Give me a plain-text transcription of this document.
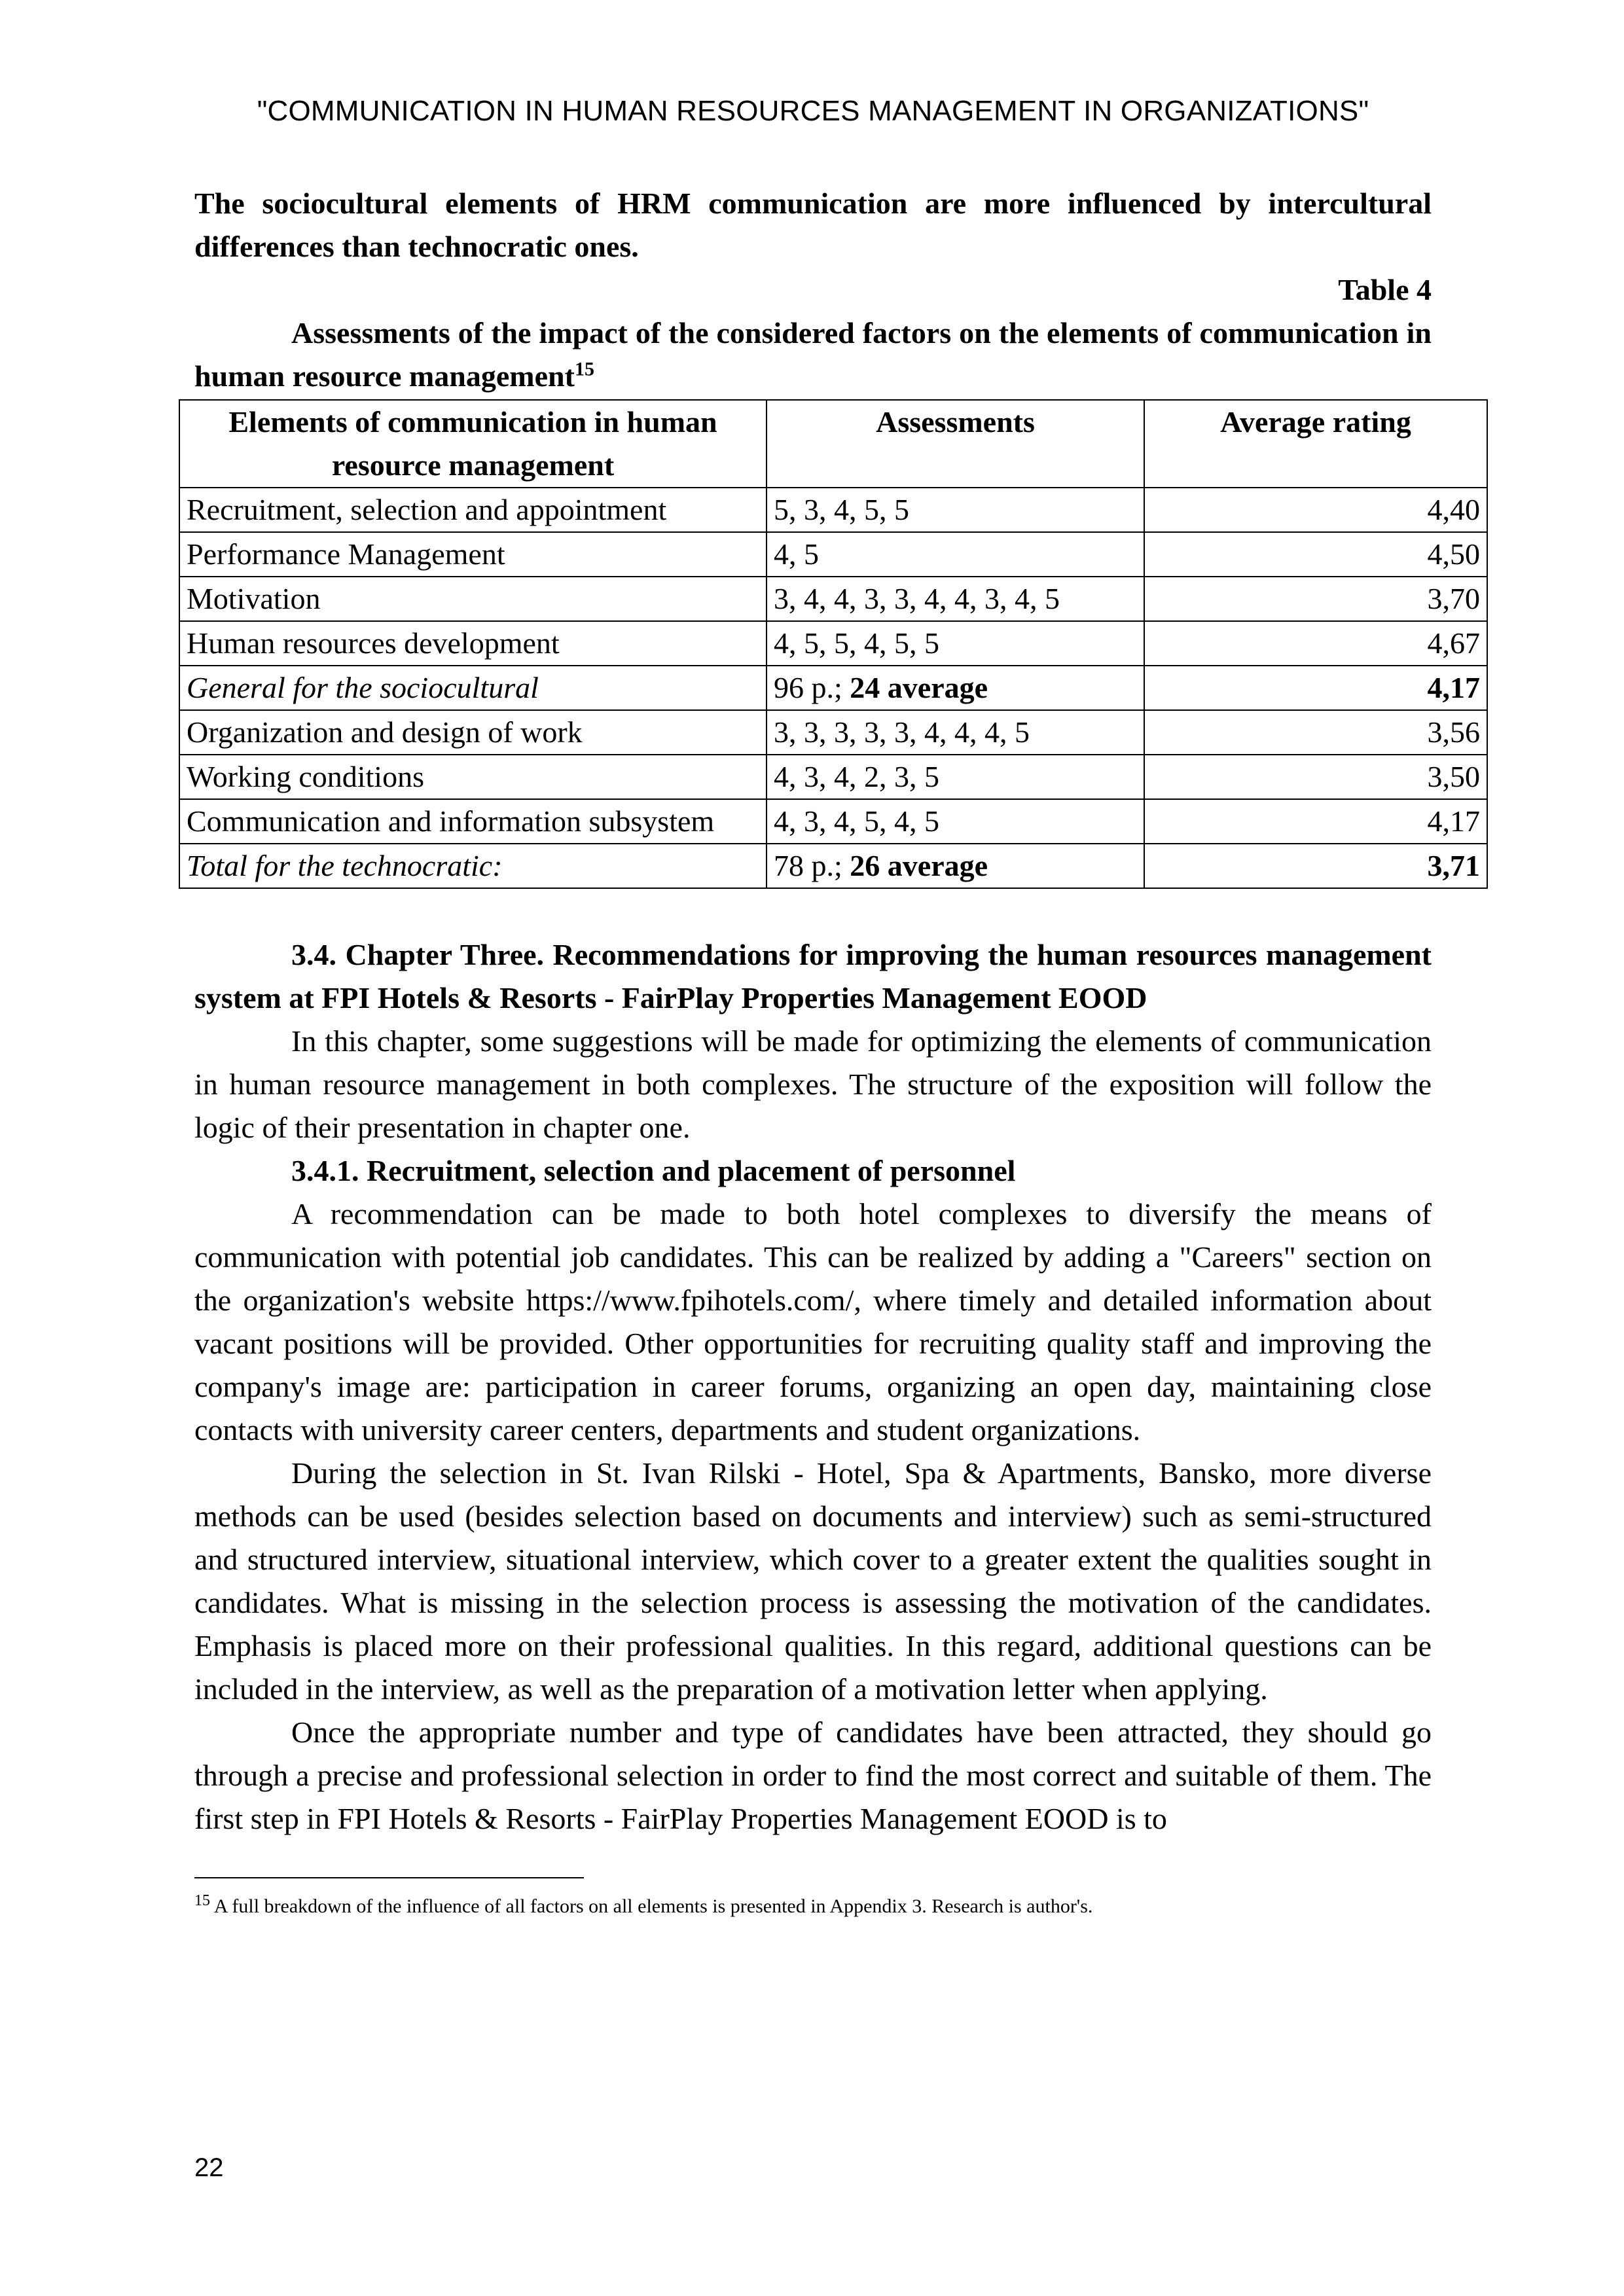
"COMMUNICATION IN HUMAN RESOURCES MANAGEMENT IN ORGANIZATIONS"

The sociocultural elements of HRM communication are more influenced by intercultural differences than technocratic ones.

Table 4

Assessments of the impact of the considered factors on the elements of communication in human resource management$^{15}$

Elements of communication in human resource management	Assessments	Average rating
Recruitment, selection and appointment	5, 3, 4, 5, 5	4,40
Performance Management	4, 5	4,50
Motivation	3, 4, 4, 3, 3, 4, 4, 3, 4, 5	3,70
Human resources development	4, 5, 5, 4, 5, 5	4,67
General for the sociocultural	96 p.; 24 average	4,17
Organization and design of work	3, 3, 3, 3, 3, 4, 4, 4, 5	3,56
Working conditions	4, 3, 4, 2, 3, 5	3,50
Communication and information subsystem	4, 3, 4, 5, 4, 5	4,17
Total for the technocratic:	78 p.; 26 average	3,71

3.4. Chapter Three. Recommendations for improving the human resources management system at FPI Hotels & Resorts - FairPlay Properties Management EOOD

In this chapter, some suggestions will be made for optimizing the elements of communication in human resource management in both complexes. The structure of the exposition will follow the logic of their presentation in chapter one.

3.4.1. Recruitment, selection and placement of personnel

A recommendation can be made to both hotel complexes to diversify the means of communication with potential job candidates. This can be realized by adding a "Careers" section on the organization's website https://www.fpihotels.com/, where timely and detailed information about vacant positions will be provided. Other opportunities for recruiting quality staff and improving the company's image are: participation in career forums, organizing an open day, maintaining close contacts with university career centers, departments and student organizations.

During the selection in St. Ivan Rilski - Hotel, Spa & Apartments, Bansko, more diverse methods can be used (besides selection based on documents and interview) such as semi-structured and structured interview, situational interview, which cover to a greater extent the qualities sought in candidates. What is missing in the selection process is assessing the motivation of the candidates. Emphasis is placed more on their professional qualities. In this regard, additional questions can be included in the interview, as well as the preparation of a motivation letter when applying.

Once the appropriate number and type of candidates have been attracted, they should go through a precise and professional selection in order to find the most correct and suitable of them. The first step in FPI Hotels & Resorts - FairPlay Properties Management EOOD is to

$^{15}$ A full breakdown of the influence of all factors on all elements is presented in Appendix 3. Research is author's.

22
